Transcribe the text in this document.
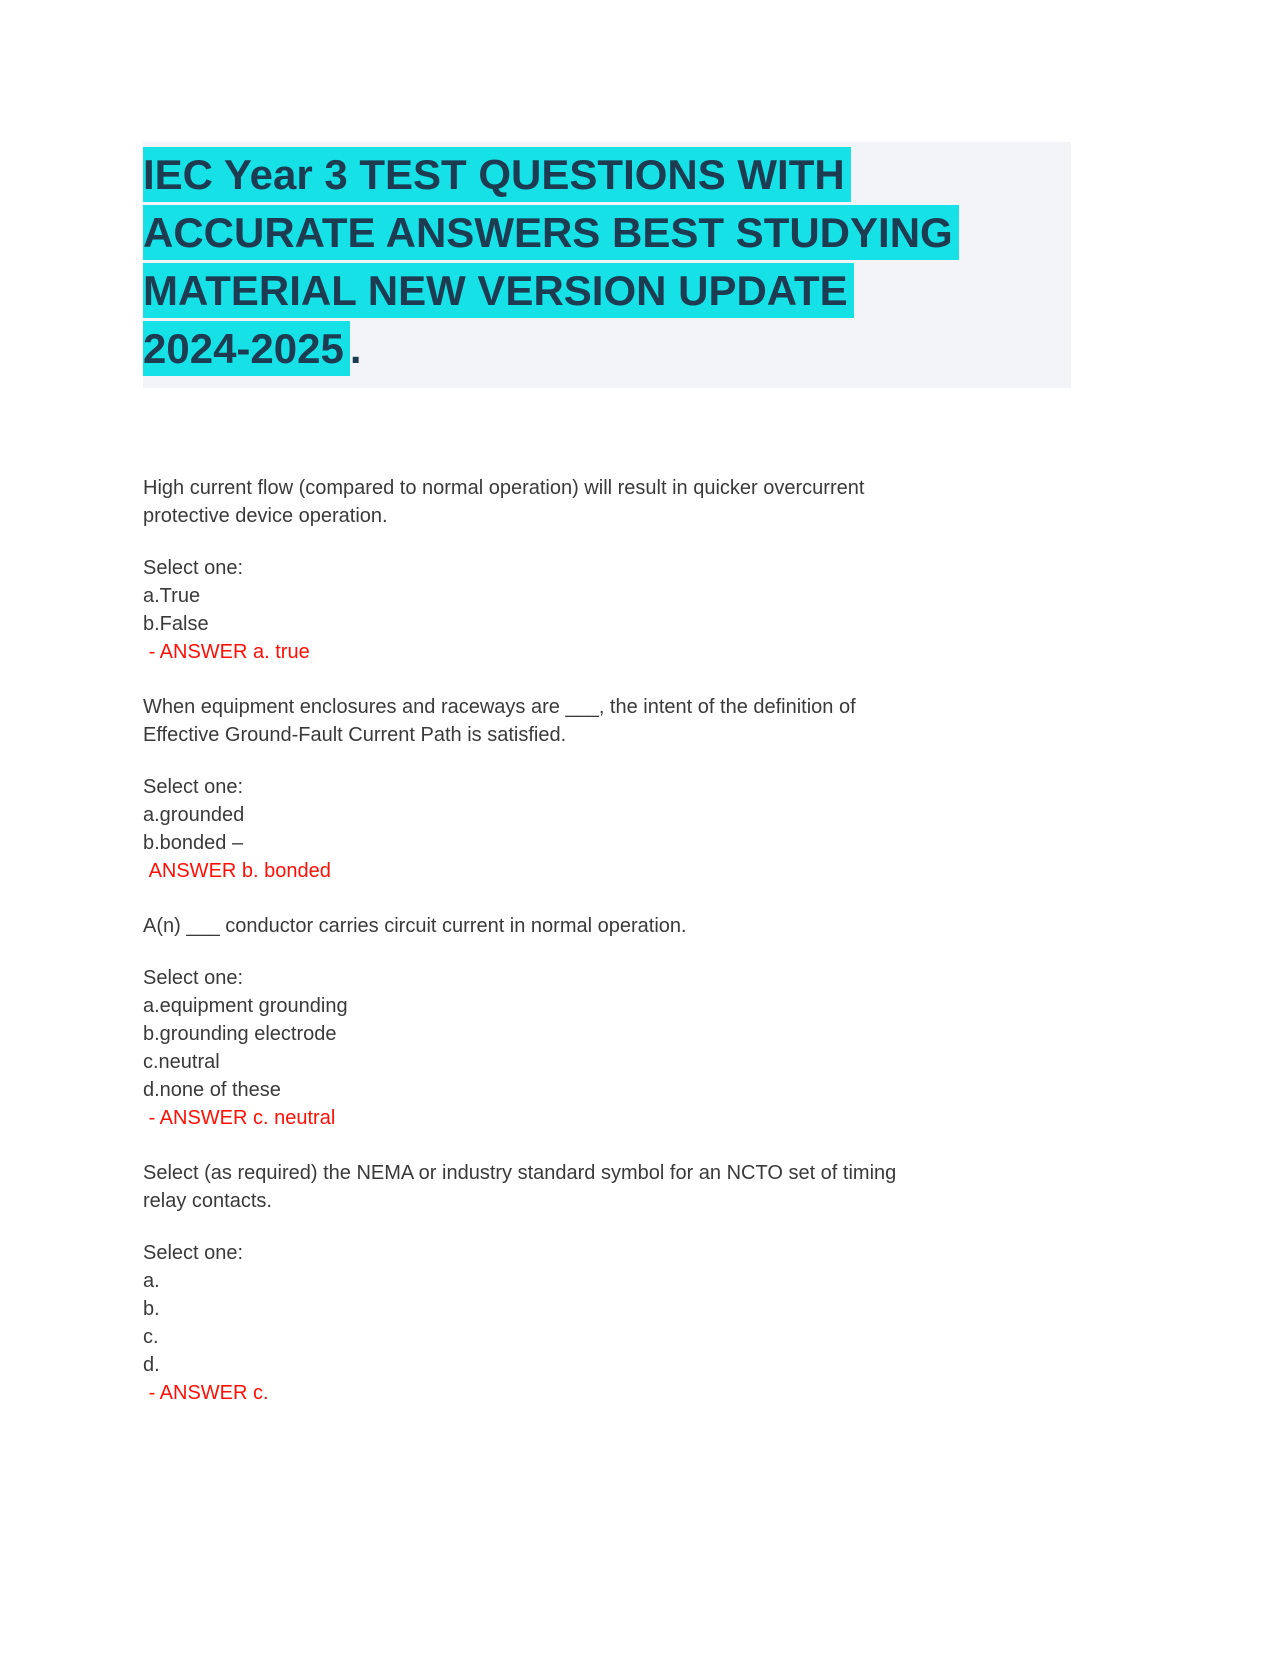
IEC Year 3 TEST QUESTIONS WITH
ACCURATE ANSWERS BEST STUDYING
MATERIAL NEW VERSION UPDATE
2024-2025 .
High current flow (compared to normal operation) will result in quicker overcurrent
protective device operation.
Select one:
a.True
b.False
- ANSWER a. true
When equipment enclosures and raceways are ___, the intent of the definition of
Effective Ground-Fault Current Path is satisfied.
Select one:
a.grounded
b.bonded –
ANSWER b. bonded
A(n) ___ conductor carries circuit current in normal operation.
Select one:
a.equipment grounding
b.grounding electrode
c.neutral
d.none of these
- ANSWER c. neutral
Select (as required) the NEMA or industry standard symbol for an NCTO set of timing
relay contacts.
Select one:
a.
b.
c.
d.
- ANSWER c.
